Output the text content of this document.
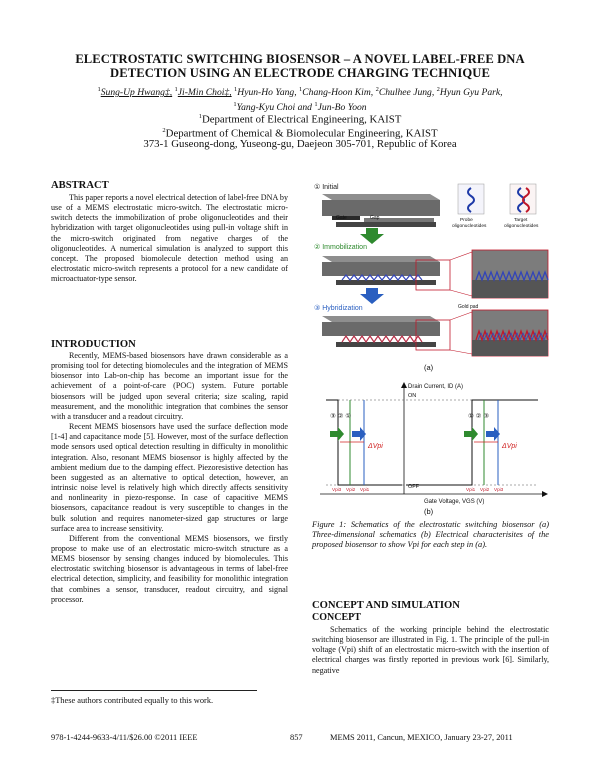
ELECTROSTATIC SWITCHING BIOSENSOR – A NOVEL LABEL-FREE DNA
DETECTION USING AN ELECTRODE CHARGING TECHNIQUE
$^1$Sung-Up Hwang‡, $^1$Ji-Min Choi‡, $^1$Hyun-Ho Yang, $^1$Chang-Hoon Kim, $^2$Chulhee Jung, $^2$Hyun Gyu Park,
$^1$Yang-Kyu Choi and $^1$Jun-Bo Yoon
$^1$Department of Electrical Engineering, KAIST
$^2$Department of Chemical & Biomolecular Engineering, KAIST
373-1 Guseong-dong, Yuseong-gu, Daejeon 305-701, Republic of Korea
ABSTRACT

This paper reports a novel electrical detection of label-free DNA by use of a MEMS electrostatic micro-switch. The electrostatic micro-switch detects the immobilization of probe oligonucleotides and their hybridization with target oligonucleotides using pull-in voltage shift in the micro-switch originated from negative charges of the oligonucleotides. A numerical simulation is analyzed to support this concept. The proposed biomolecule detection method using an electrostatic micro-switch represents a protocol for a new candidate of microactuator-type sensor.

INTRODUCTION

Recently, MEMS-based biosensors have drawn considerable as a promising tool for detecting biomolecules and the integration of MEMS biosensor into Lab-on-chip has become an important issue for the achievement of a point-of-care (POC) system. Future portable biosensors will be judged upon several criteria; size scaling, rapid measurement, and the monolithic integration that combines the sensor with a transducer and a readout circuitry.

Recent MEMS biosensors have used the surface deflection mode [1-4] and capacitance mode [5]. However, most of the surface deflection mode sensors used optical detection resulting in difficulty in monolithic integration. Also, resonant MEMS biosensor is highly affected by the ambient medium due to the damping effect. Piezoresistive detection has been suggested as an alternative to optical detection, however, an intrinsic noise level is relatively high which directly affects sensitivity and nonlinearity in piezo-response. In case of capacitive MEMS biosensors, capacitance readout is very susceptible to changes in the bulk solution and requires nanometer-sized gap structures or large surface area to increase sensitivity.

Different from the conventional MEMS biosensors, we firstly propose to make use of an electrostatic micro-switch structure as a MEMS biosensor by sensing changes induced by biomolecules. This electrostatic switching biosensor is advantageous in terms of label-free electrical detection, simplicity, and feasibility for monolithic integration that combines a sensor, transducer, readout circuitry, and signal processor.

‡These authors contributed equally to this work.
① Initial
Gate	Gap	Probe
oligonucleotides
Target
oligonucleotides
② Immobilization
Gold pad
③ Hybridization
(a)
Drain Current, ID (A)
ON
OFF
Gate Voltage, VGS (V)
③ ② ①	① ② ③
ΔVpi	ΔVpi
Vpi3 Vpi2 Vpi1	Vpi1 Vpi2 Vpi3
(b)
Figure 1: Schematics of the electrostatic switching biosensor (a) Three-dimensional schematics (b) Electrical characterisites of the proposed biosensor to show Vpi for each step in (a).
CONCEPT AND SIMULATION
CONCEPT

Schematics of the working principle behind the electrostatic switching biosensor are illustrated in Fig. 1. The principle of the pull-in voltage (Vpi) shift of an electrostatic micro-switch with the insertion of electrical charges was firstly reported in previous work [6]. Similarly, negative

978-1-4244-9633-4/11/$26.00 ©2011 IEEE	857	MEMS 2011, Cancun, MEXICO, January 23-27, 2011
